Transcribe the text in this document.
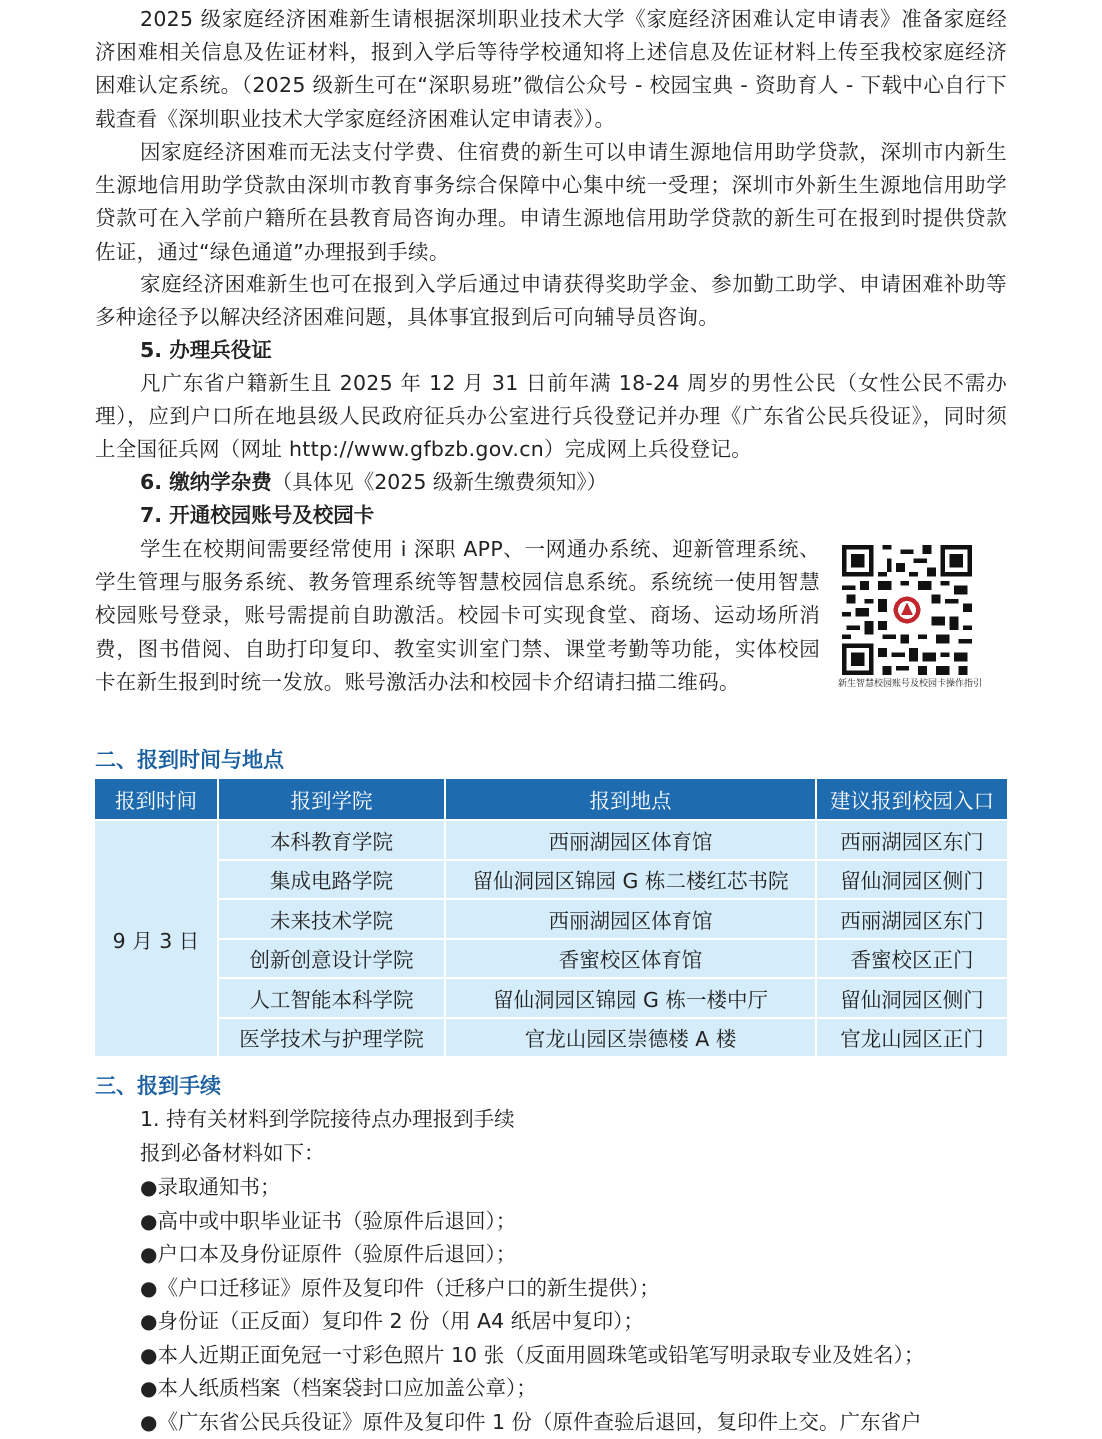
2025 级家庭经济困难新生请根据深圳职业技术大学《家庭经济困难认定申请表》准备家庭经济困难相关信息及佐证材料，报到入学后等待学校通知将上述信息及佐证材料上传至我校家庭经济困难认定系统。（2025 级新生可在“深职易班”微信公众号 - 校园宝典 - 资助育人 - 下载中心自行下载查看《深圳职业技术大学家庭经济困难认定申请表》）。

因家庭经济困难而无法支付学费、住宿费的新生可以申请生源地信用助学贷款，深圳市内新生生源地信用助学贷款由深圳市教育事务综合保障中心集中统一受理；深圳市外新生生源地信用助学贷款可在入学前户籍所在县教育局咨询办理。申请生源地信用助学贷款的新生可在报到时提供贷款佐证，通过“绿色通道”办理报到手续。

家庭经济困难新生也可在报到入学后通过申请获得奖助学金、参加勤工助学、申请困难补助等多种途径予以解决经济困难问题，具体事宜报到后可向辅导员咨询。

5. 办理兵役证

凡广东省户籍新生且 2025 年 12 月 31 日前年满 18-24 周岁的男性公民（女性公民不需办理），应到户口所在地县级人民政府征兵办公室进行兵役登记并办理《广东省公民兵役证》，同时须上全国征兵网（网址 http://www.gfbzb.gov.cn）完成网上兵役登记。

6. 缴纳学杂费（具体见《2025 级新生缴费须知》）

7. 开通校园账号及校园卡

学生在校期间需要经常使用 i 深职 APP、一网通办系统、迎新管理系统、学生管理与服务系统、教务管理系统等智慧校园信息系统。系统统一使用智慧校园账号登录，账号需提前自助激活。校园卡可实现食堂、商场、运动场所消费，图书借阅、自助打印复印、教室实训室门禁、课堂考勤等功能，实体校园卡在新生报到时统一发放。账号激活办法和校园卡介绍请扫描二维码。	新生智慧校园账号及校园卡操作指引

二、报到时间与地点

报到时间	报到学院	报到地点	建议报到校园入口
9 月 3 日	本科教育学院	西丽湖园区体育馆	西丽湖园区东门
	集成电路学院	留仙洞园区锦园 G 栋二楼红芯书院	留仙洞园区侧门
	未来技术学院	西丽湖园区体育馆	西丽湖园区东门
	创新创意设计学院	香蜜校区体育馆	香蜜校区正门
	人工智能本科学院	留仙洞园区锦园 G 栋一楼中厅	留仙洞园区侧门
	医学技术与护理学院	官龙山园区崇德楼 A 楼	官龙山园区正门

三、报到手续

1. 持有关材料到学院接待点办理报到手续

报到必备材料如下：

●录取通知书；
●高中或中职毕业证书（验原件后退回）；
●户口本及身份证原件（验原件后退回）；
●《户口迁移证》原件及复印件（迁移户口的新生提供）；
●身份证（正反面）复印件 2 份（用 A4 纸居中复印）；
●本人近期正面免冠一寸彩色照片 10 张（反面用圆珠笔或铅笔写明录取专业及姓名）；
●本人纸质档案（档案袋封口应加盖公章）；
●《广东省公民兵役证》原件及复印件 1 份（原件查验后退回，复印件上交。广东省户
